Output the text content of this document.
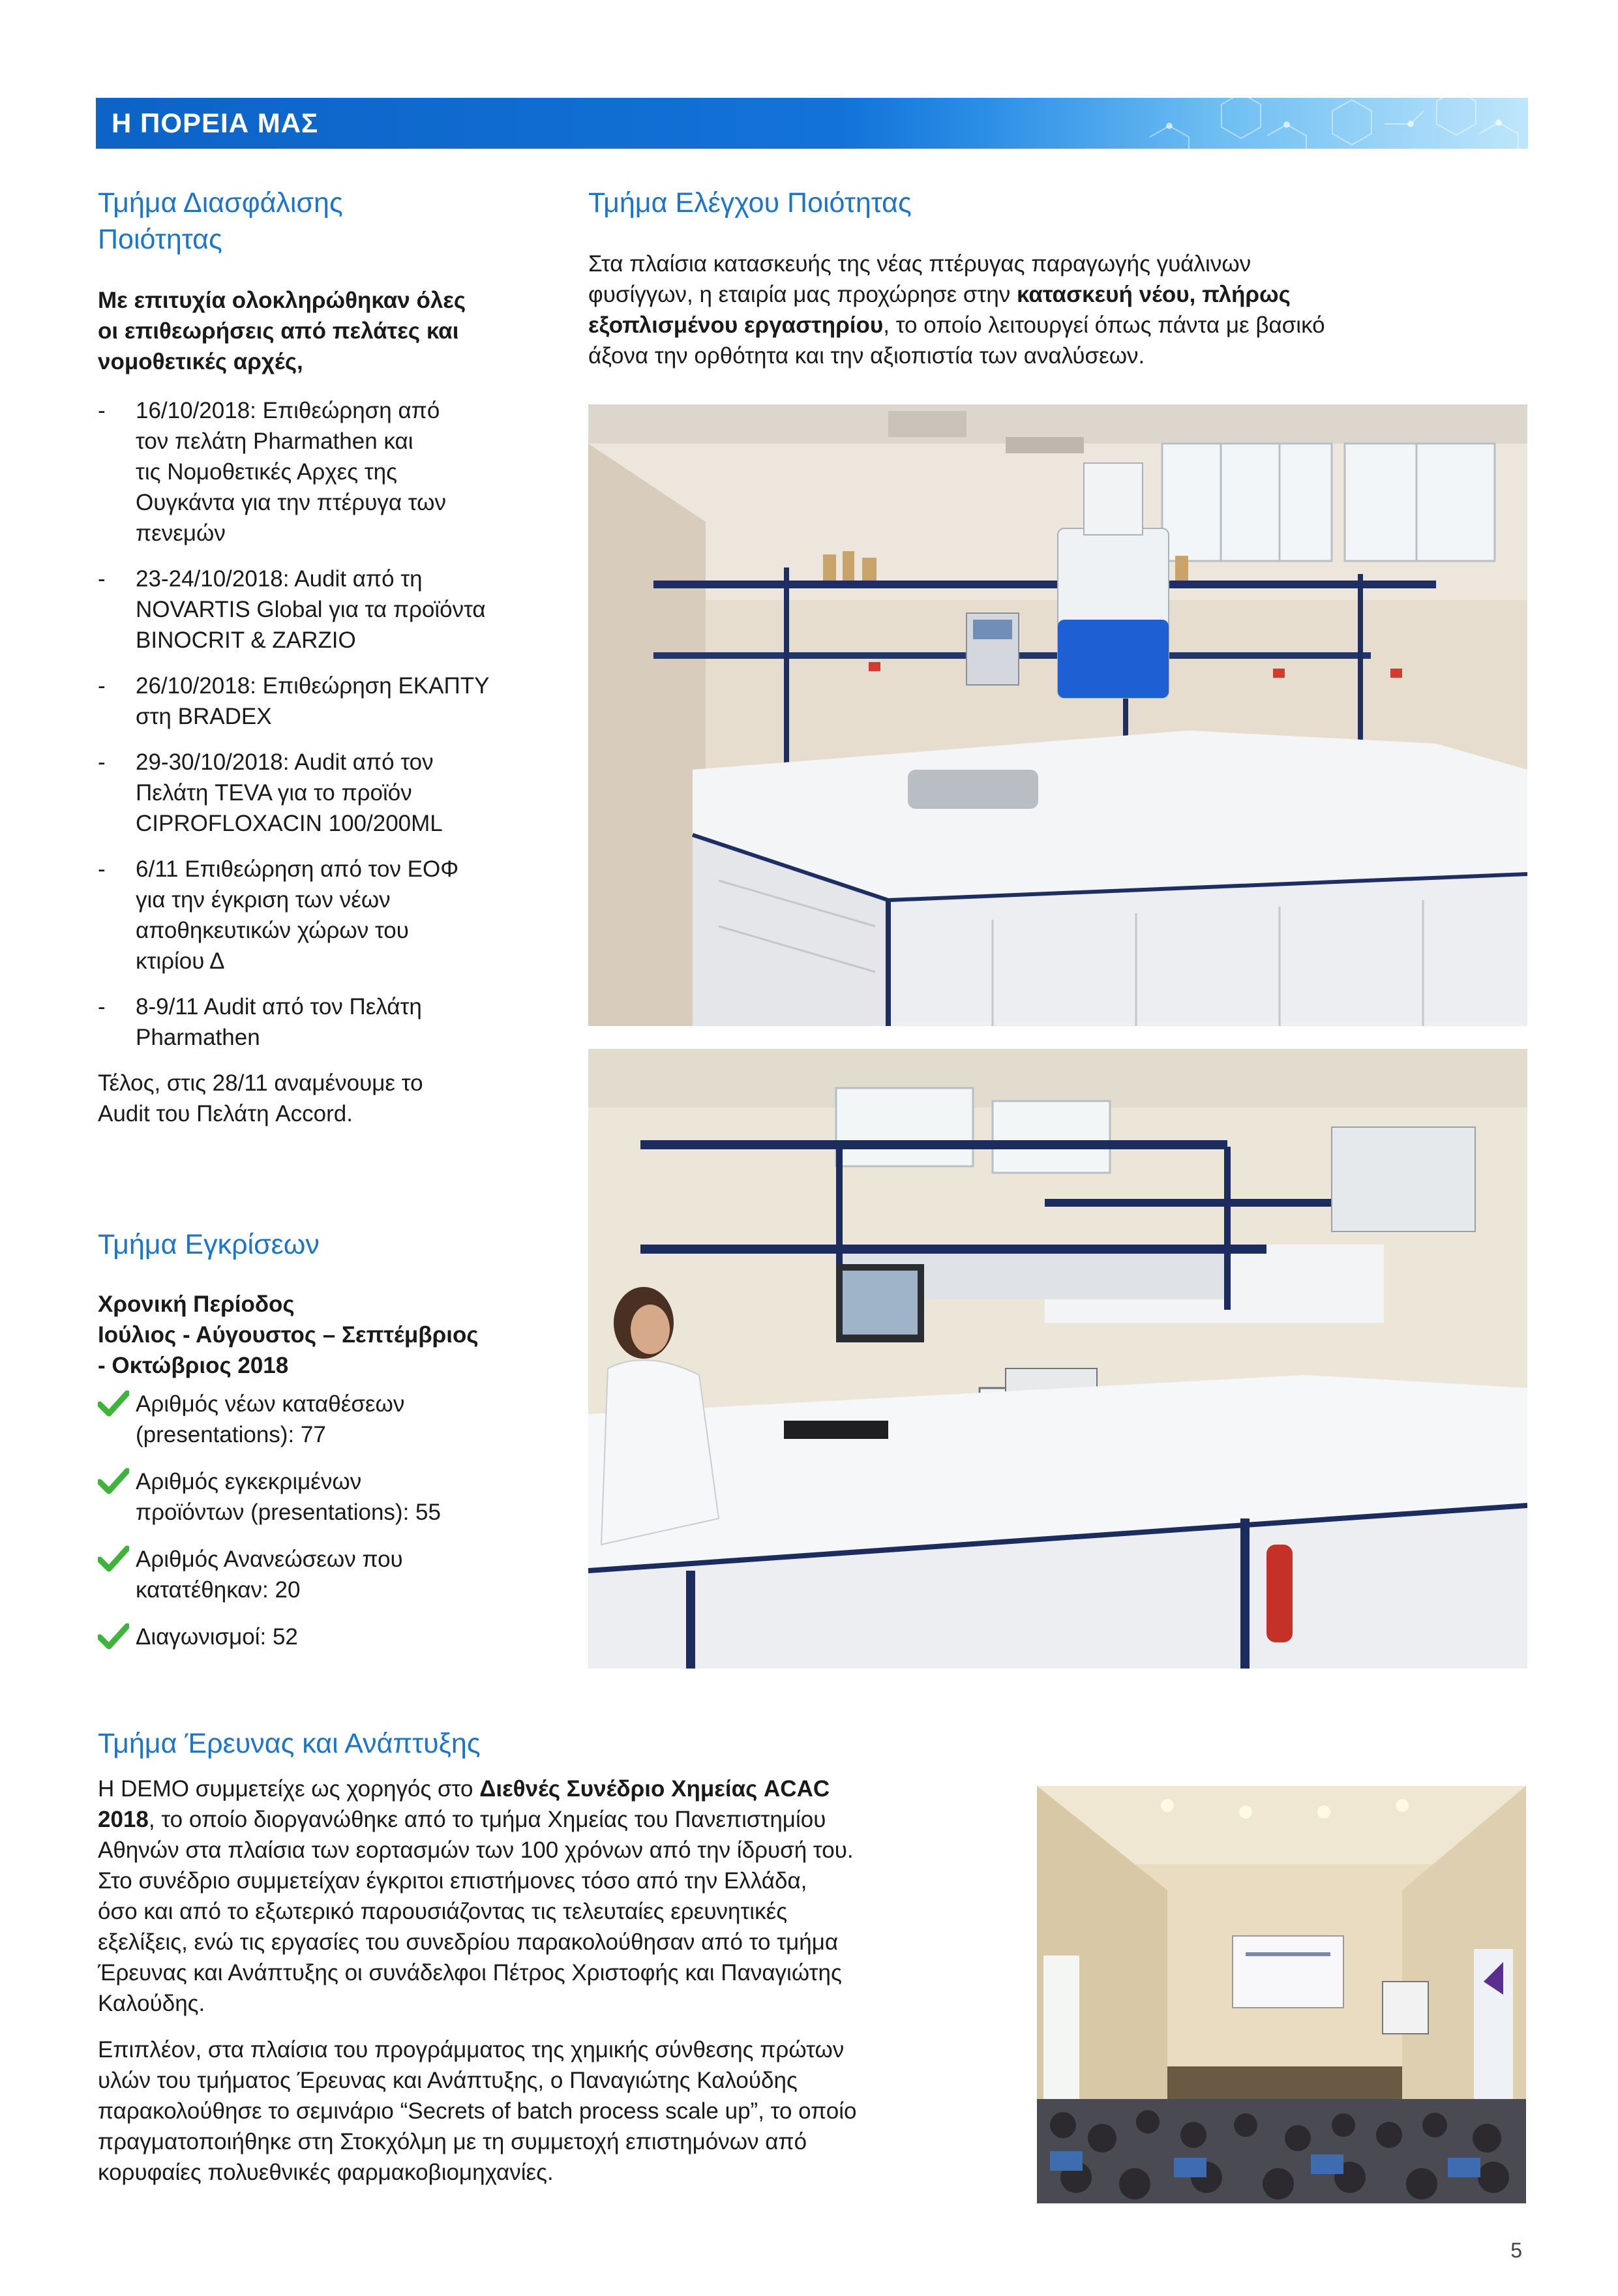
Η ΠΟΡΕΙΑ ΜΑΣ
Τμήμα Διασφάλισης
Ποιότητας
Με επιτυχία ολοκληρώθηκαν όλες
οι επιθεωρήσεις από πελάτες και
νομοθετικές αρχές,
- 16/10/2018: Επιθεώρηση από
τον πελάτη Pharmathen και
τις Νομοθετικές Αρχες της
Ουγκάντα για την πτέρυγα των
πενεμών
- 23-24/10/2018: Audit από τη
NOVARTIS Global για τα προϊόντα
BINOCRIT & ZARZIO
- 26/10/2018: Επιθεώρηση ΕΚΑΠΤΥ
στη BRADEX
- 29-30/10/2018: Audit από τον
Πελάτη TEVA για το προϊόν
CIPROFLOXACIN 100/200ML
- 6/11 Επιθεώρηση από τον ΕΟΦ
για την έγκριση των νέων
αποθηκευτικών χώρων του
κτιρίου Δ
- 8-9/11 Audit από τον Πελάτη
Pharmathen
Τέλος, στις 28/11 αναμένουμε το
Audit του Πελάτη Accord.
Τμήμα Εγκρίσεων
Χρονική Περίοδος
Ιούλιος - Αύγουστος – Σεπτέμβριος
- Οκτώβριος 2018
Αριθμός νέων καταθέσεων
(presentations): 77
Αριθμός εγκεκριμένων
προϊόντων (presentations): 55
Αριθμός Ανανεώσεων που
κατατέθηκαν: 20
Διαγωνισμοί: 52
Τμήμα Ελέγχου Ποιότητας
Στα πλαίσια κατασκευής της νέας πτέρυγας παραγωγής γυάλινων
φυσίγγων, η εταιρία μας προχώρησε στην κατασκευή νέου, πλήρως
εξοπλισμένου εργαστηρίου, το οποίο λειτουργεί όπως πάντα με βασικό
άξονα την ορθότητα και την αξιοπιστία των αναλύσεων.
Τμήμα Έρευνας και Ανάπτυξης
Η DEMO συμμετείχε ως χορηγός στο Διεθνές Συνέδριο Χημείας ACAC
2018, το οποίο διοργανώθηκε από το τμήμα Χημείας του Πανεπιστημίου
Αθηνών στα πλαίσια των εορτασμών των 100 χρόνων από την ίδρυσή του.
Στο συνέδριο συμμετείχαν έγκριτοι επιστήμονες τόσο από την Ελλάδα,
όσο και από το εξωτερικό παρουσιάζοντας τις τελευταίες ερευνητικές
εξελίξεις, ενώ τις εργασίες του συνεδρίου παρακολούθησαν από το τμήμα
Έρευνας και Ανάπτυξης οι συνάδελφοι Πέτρος Χριστοφής και Παναγιώτης
Καλούδης.
Επιπλέον, στα πλαίσια του προγράμματος της χημικής σύνθεσης πρώτων
υλών του τμήματος Έρευνας και Ανάπτυξης, ο Παναγιώτης Καλούδης
παρακολούθησε το σεμινάριο “Secrets of batch process scale up”, το οποίο
πραγματοποιήθηκε στη Στοκχόλμη με τη συμμετοχή επιστημόνων από
κορυφαίες πολυεθνικές φαρμακοβιομηχανίες.
5
